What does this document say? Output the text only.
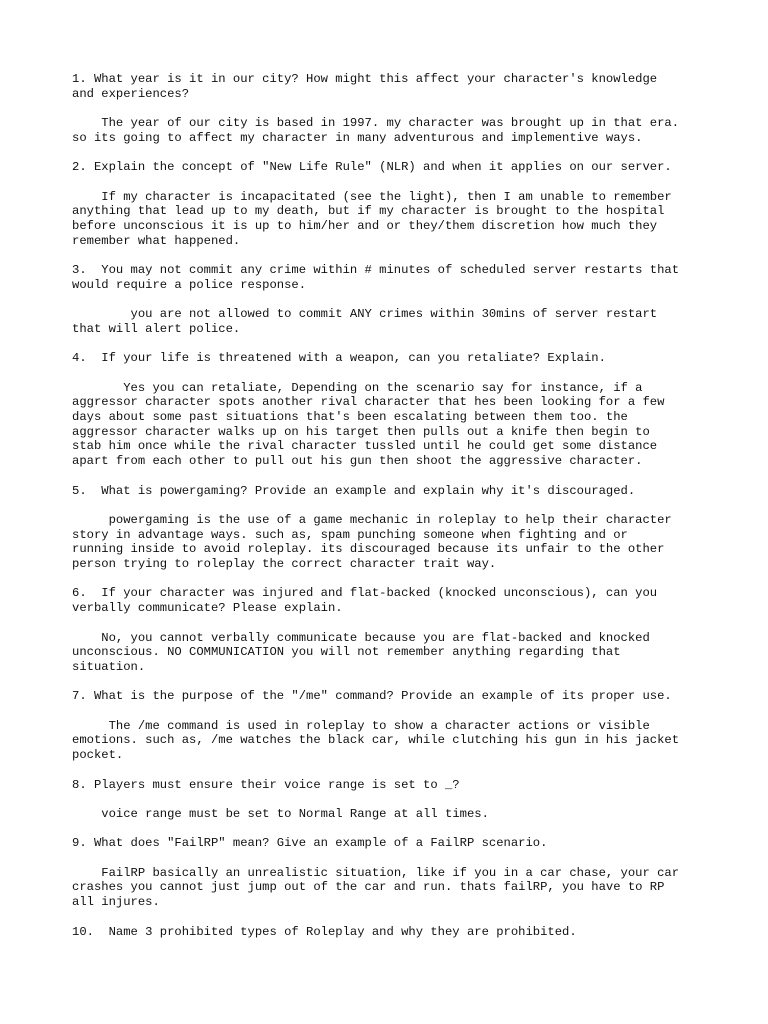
1. What year is it in our city? How might this affect your character's knowledge
and experiences?
The year of our city is based in 1997. my character was brought up in that era.
so its going to affect my character in many adventurous and implementive ways.
2. Explain the concept of "New Life Rule" (NLR) and when it applies on our server.
If my character is incapacitated (see the light), then I am unable to remember
anything that lead up to my death, but if my character is brought to the hospital
before unconscious it is up to him/her and or they/them discretion how much they
remember what happened.
3.  You may not commit any crime within # minutes of scheduled server restarts that
would require a police response.
you are not allowed to commit ANY crimes within 30mins of server restart
that will alert police.
4.  If your life is threatened with a weapon, can you retaliate? Explain.
Yes you can retaliate, Depending on the scenario say for instance, if a
aggressor character spots another rival character that hes been looking for a few
days about some past situations that's been escalating between them too. the
aggressor character walks up on his target then pulls out a knife then begin to
stab him once while the rival character tussled until he could get some distance
apart from each other to pull out his gun then shoot the aggressive character.
5.  What is powergaming? Provide an example and explain why it's discouraged.
powergaming is the use of a game mechanic in roleplay to help their character
story in advantage ways. such as, spam punching someone when fighting and or
running inside to avoid roleplay. its discouraged because its unfair to the other
person trying to roleplay the correct character trait way.
6.  If your character was injured and flat-backed (knocked unconscious), can you
verbally communicate? Please explain.
No, you cannot verbally communicate because you are flat-backed and knocked
unconscious. NO COMMUNICATION you will not remember anything regarding that
situation.
7. What is the purpose of the "/me" command? Provide an example of its proper use.
The /me command is used in roleplay to show a character actions or visible
emotions. such as, /me watches the black car, while clutching his gun in his jacket
pocket.
8. Players must ensure their voice range is set to _?
voice range must be set to Normal Range at all times.
9. What does "FailRP" mean? Give an example of a FailRP scenario.
FailRP basically an unrealistic situation, like if you in a car chase, your car
crashes you cannot just jump out of the car and run. thats failRP, you have to RP
all injures.
10.  Name 3 prohibited types of Roleplay and why they are prohibited.
